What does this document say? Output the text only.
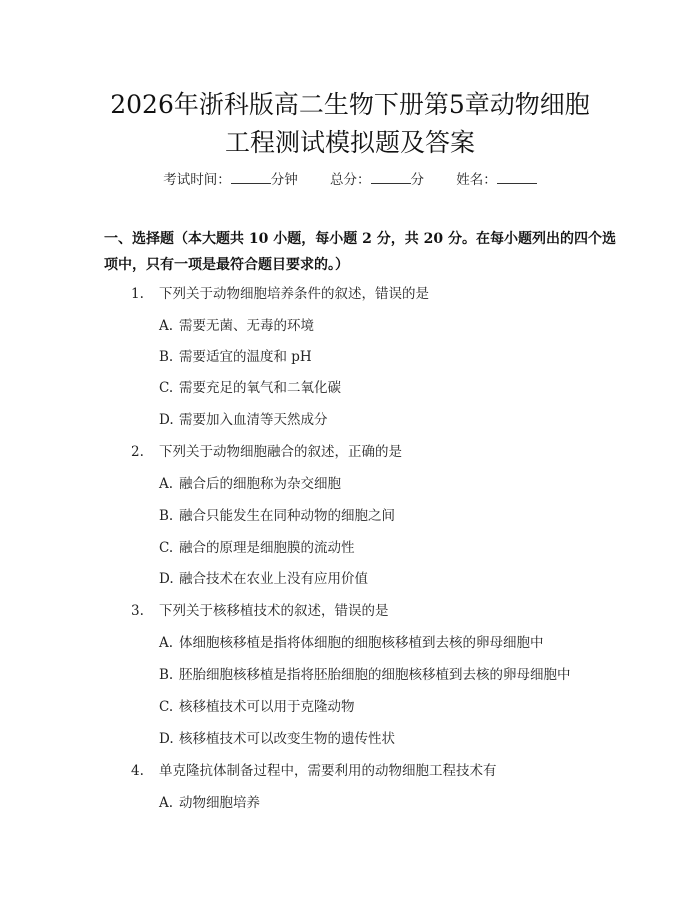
2026年浙科版高二生物下册第5章动物细胞
工程测试模拟题及答案
考试时间：	分钟 总分：	分 姓名：
一、选择题（本大题共 10 小题，每小题 2 分，共 20 分。在每小题列出的四个选
项中，只有一项是最符合题目要求的。）
1. 下列关于动物细胞培养条件的叙述，错误的是
A. 需要无菌、无毒的环境
B. 需要适宜的温度和 pH
C. 需要充足的氧气和二氧化碳
D. 需要加入血清等天然成分
2. 下列关于动物细胞融合的叙述，正确的是
A. 融合后的细胞称为杂交细胞
B. 融合只能发生在同种动物的细胞之间
C. 融合的原理是细胞膜的流动性
D. 融合技术在农业上没有应用价值
3. 下列关于核移植技术的叙述，错误的是
A. 体细胞核移植是指将体细胞的细胞核移植到去核的卵母细胞中
B. 胚胎细胞核移植是指将胚胎细胞的细胞核移植到去核的卵母细胞中
C. 核移植技术可以用于克隆动物
D. 核移植技术可以改变生物的遗传性状
4. 单克隆抗体制备过程中，需要利用的动物细胞工程技术有
A. 动物细胞培养
